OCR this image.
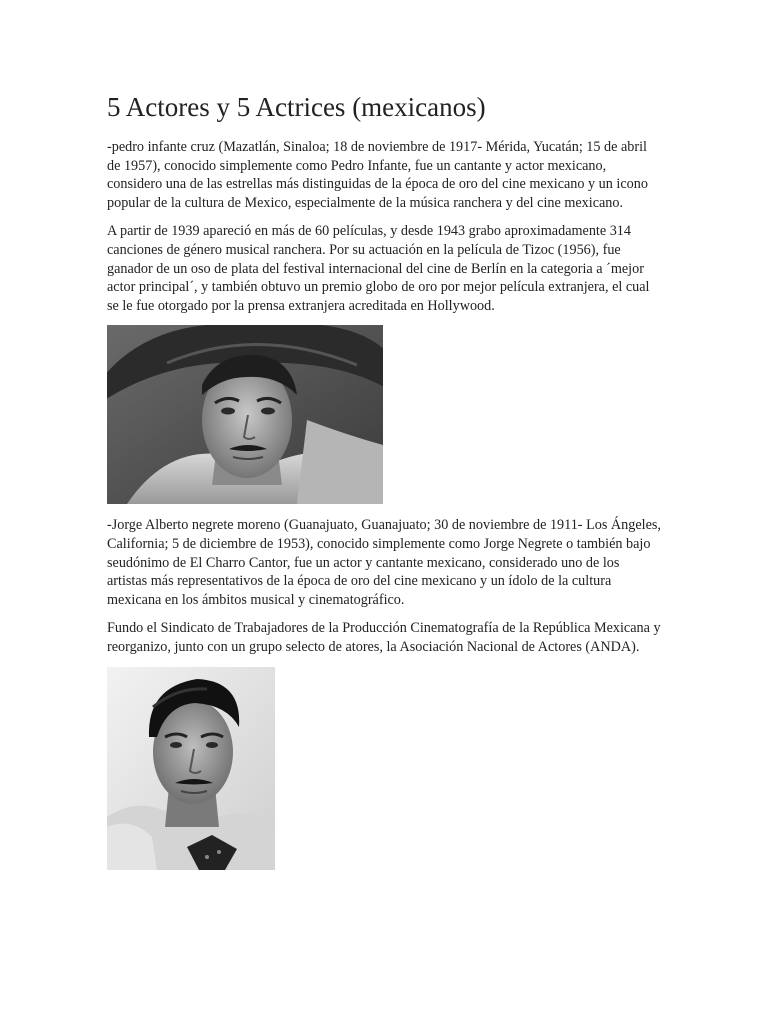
5 Actores y 5 Actrices (mexicanos)

-pedro infante cruz (Mazatlán, Sinaloa; 18 de noviembre de 1917- Mérida, Yucatán; 15 de abril de 1957), conocido simplemente como Pedro Infante, fue un cantante y actor mexicano, considero una de las estrellas más distinguidas de la época de oro del cine mexicano y un icono popular de la cultura de Mexico, especialmente de la música ranchera y del cine mexicano.

A partir de 1939 apareció en más de 60 películas, y desde 1943 grabo aproximadamente 314 canciones de género musical ranchera. Por su actuación en la película de Tizoc (1956), fue ganador de un oso de plata del festival internacional del cine de Berlín en la categoria a ´mejor actor principal´, y también obtuvo un premio globo de oro por mejor película extranjera, el cual se le fue otorgado por la prensa extranjera acreditada en Hollywood.

-Jorge Alberto negrete moreno (Guanajuato, Guanajuato; 30 de noviembre de 1911- Los Ángeles, California; 5 de diciembre de 1953), conocido simplemente como Jorge Negrete o también bajo seudónimo de El Charro Cantor, fue un actor y cantante mexicano, considerado uno de los artistas más representativos de la época de oro del cine mexicano y un ídolo de la cultura mexicana en los ámbitos musical y cinematográfico.

Fundo el Sindicato de Trabajadores de la Producción Cinematografía de la República Mexicana y reorganizo, junto con un grupo selecto de atores, la Asociación Nacional de Actores (ANDA).
